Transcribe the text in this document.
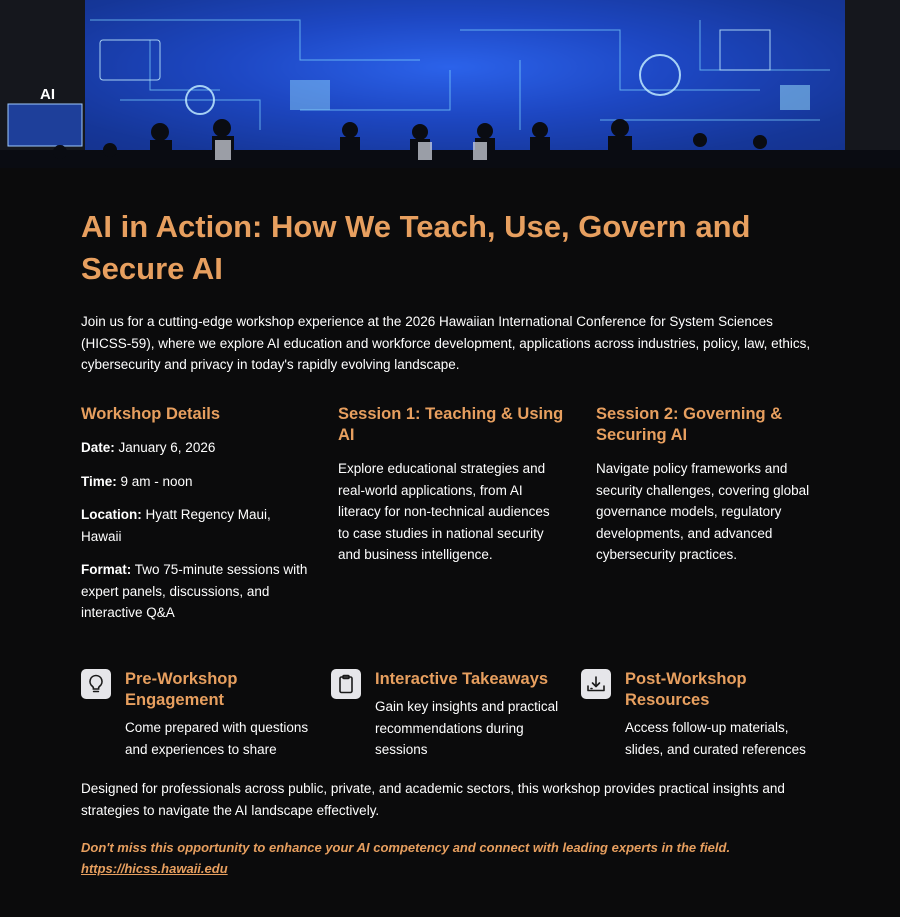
AI
AI in Action: How We Teach, Use, Govern and Secure AI

Join us for a cutting-edge workshop experience at the 2026 Hawaiian International Conference for System Sciences (HICSS-59), where we explore AI education and workforce development, applications across industries, policy, law, ethics, cybersecurity and privacy in today's rapidly evolving landscape.

Workshop Details

Date: January 6, 2026

Time: 9 am - noon

Location: Hyatt Regency Maui, Hawaii

Format: Two 75-minute sessions with expert panels, discussions, and interactive Q&A

Session 1: Teaching & Using AI

Explore educational strategies and real-world applications, from AI literacy for non-technical audiences to case studies in national security and business intelligence.

Session 2: Governing & Securing AI

Navigate policy frameworks and security challenges, covering global governance models, regulatory developments, and advanced cybersecurity practices.

Pre-Workshop Engagement

Come prepared with questions and experiences to share

Interactive Takeaways

Gain key insights and practical recommendations during sessions

Post-Workshop Resources

Access follow-up materials, slides, and curated references

Designed for professionals across public, private, and academic sectors, this workshop provides practical insights and strategies to navigate the AI landscape effectively.

Don't miss this opportunity to enhance your AI competency and connect with leading experts in the field.
https://hicss.hawaii.edu
